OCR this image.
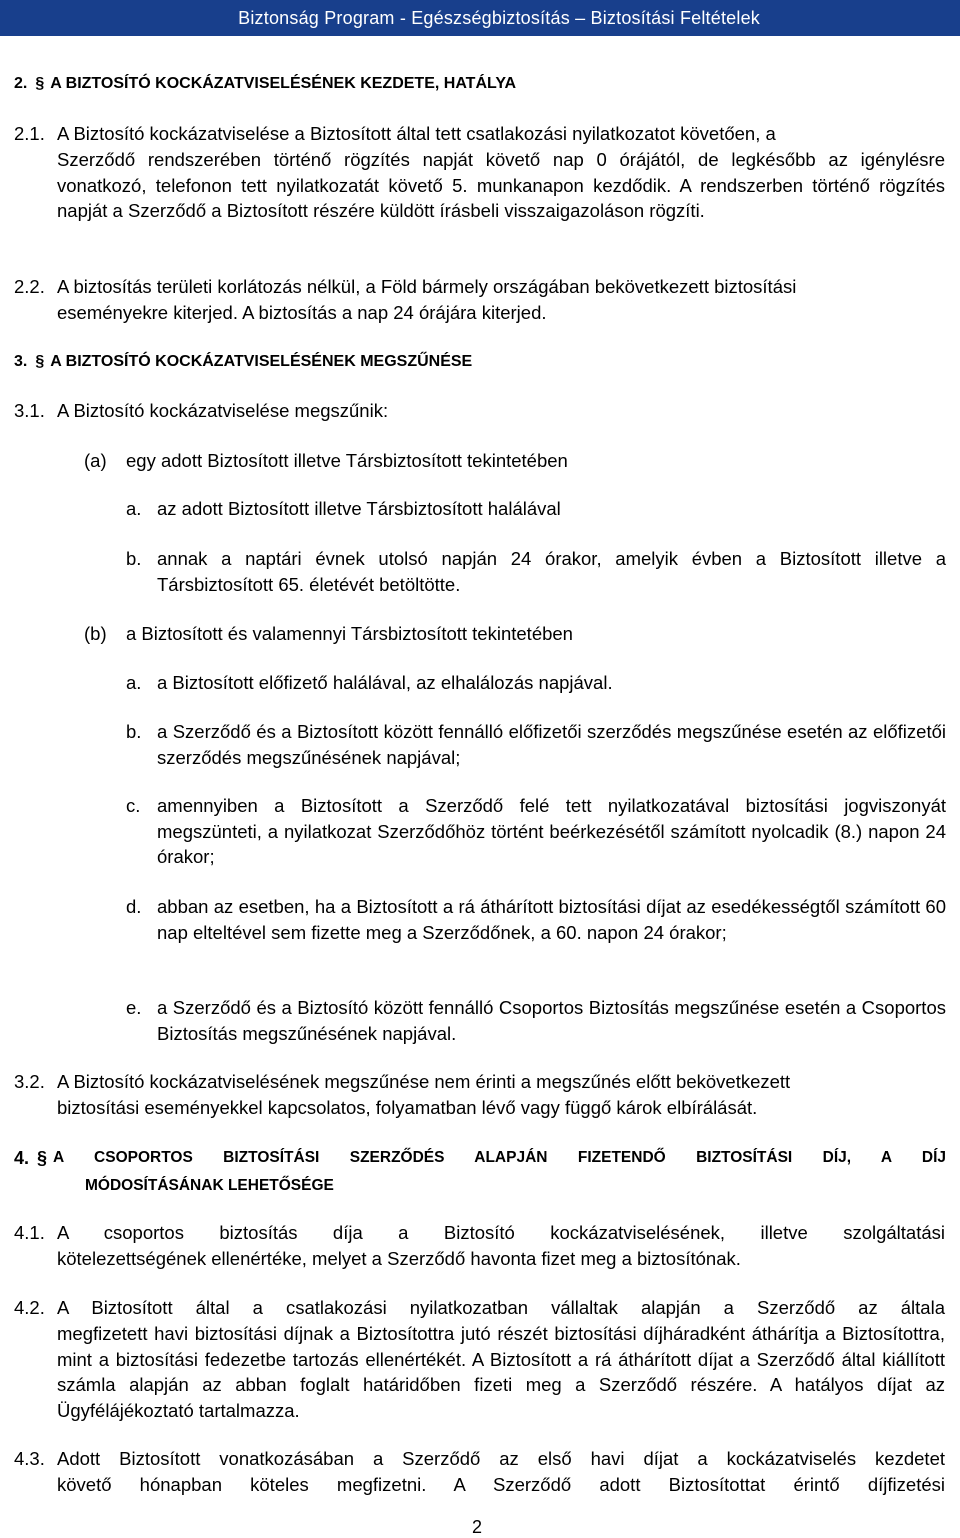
Biztonság Program - Egészségbiztosítás – Biztosítási Feltételek
2. § A BIZTOSÍTÓ KOCKÁZATVISELÉSÉNEK KEZDETE, HATÁLYA
2.1. A Biztosító kockázatviselése a Biztosított által tett csatlakozási nyilatkozatot követően, a
Szerződő rendszerében történő rögzítés napját követő nap 0 órájától, de legkésőbb az igénylésre vonatkozó, telefonon tett nyilatkozatát követő 5. munkanapon kezdődik. A rendszerben történő rögzítés napját a Szerződő a Biztosított részére küldött írásbeli visszaigazoláson rögzíti.
2.2. A biztosítás területi korlátozás nélkül, a Föld bármely országában bekövetkezett biztosítási
eseményekre kiterjed. A biztosítás a nap 24 órájára kiterjed.
3. § A BIZTOSÍTÓ KOCKÁZATVISELÉSÉNEK MEGSZŰNÉSE
3.1. A Biztosító kockázatviselése megszűnik:
(a) egy adott Biztosított illetve Társbiztosított tekintetében
a. az adott Biztosított illetve Társbiztosított halálával
b. annak a naptári évnek utolsó napján 24 órakor, amelyik évben a Biztosított illetve a Társbiztosított 65. életévét betöltötte.
(b) a Biztosított és valamennyi Társbiztosított tekintetében
a. a Biztosított előfizető halálával, az elhalálozás napjával.
b. a Szerződő és a Biztosított között fennálló előfizetői szerződés megszűnése esetén az előfizetői szerződés megszűnésének napjával;
c. amennyiben a Biztosított a Szerződő felé tett nyilatkozatával biztosítási jogviszonyát megszünteti, a nyilatkozat Szerződőhöz történt beérkezésétől számított nyolcadik (8.) napon 24 órakor;
d. abban az esetben, ha a Biztosított a rá áthárított biztosítási díjat az esedékességtől számított 60 nap elteltével sem fizette meg a Szerződőnek, a 60. napon 24 órakor;
e. a Szerződő és a Biztosító között fennálló Csoportos Biztosítás megszűnése esetén a Csoportos Biztosítás megszűnésének napjával.
3.2. A Biztosító kockázatviselésének megszűnése nem érinti a megszűnés előtt bekövetkezett
biztosítási eseményekkel kapcsolatos, folyamatban lévő vagy függő károk elbírálását.
4. § A CSOPORTOS BIZTOSÍTÁSI SZERZŐDÉS ALAPJÁN FIZETENDŐ BIZTOSÍTÁSI DÍJ, A DÍJ
MÓDOSÍTÁSÁNAK LEHETŐSÉGE
4.1. A csoportos biztosítás díja a Biztosító kockázatviselésének, illetve szolgáltatási
kötelezettségének ellenértéke, melyet a Szerződő havonta fizet meg a biztosítónak.
4.2. A Biztosított által a csatlakozási nyilatkozatban vállaltak alapján a Szerződő az általa
megfizetett havi biztosítási díjnak a Biztosítottra jutó részét biztosítási díjháradként áthárítja a Biztosítottra, mint a biztosítási fedezetbe tartozás ellenértékét. A Biztosított a rá áthárított díjat a Szerződő által kiállított számla alapján az abban foglalt határidőben fizeti meg a Szerződő részére. A hatályos díjat az Ügyfélájékoztató tartalmazza.
4.3. Adott Biztosított vonatkozásában a Szerződő az első havi díjat a kockázatviselés kezdetet
követő hónapban köteles megfizetni. A Szerződő adott Biztosítottat érintő díjfizetési
2
